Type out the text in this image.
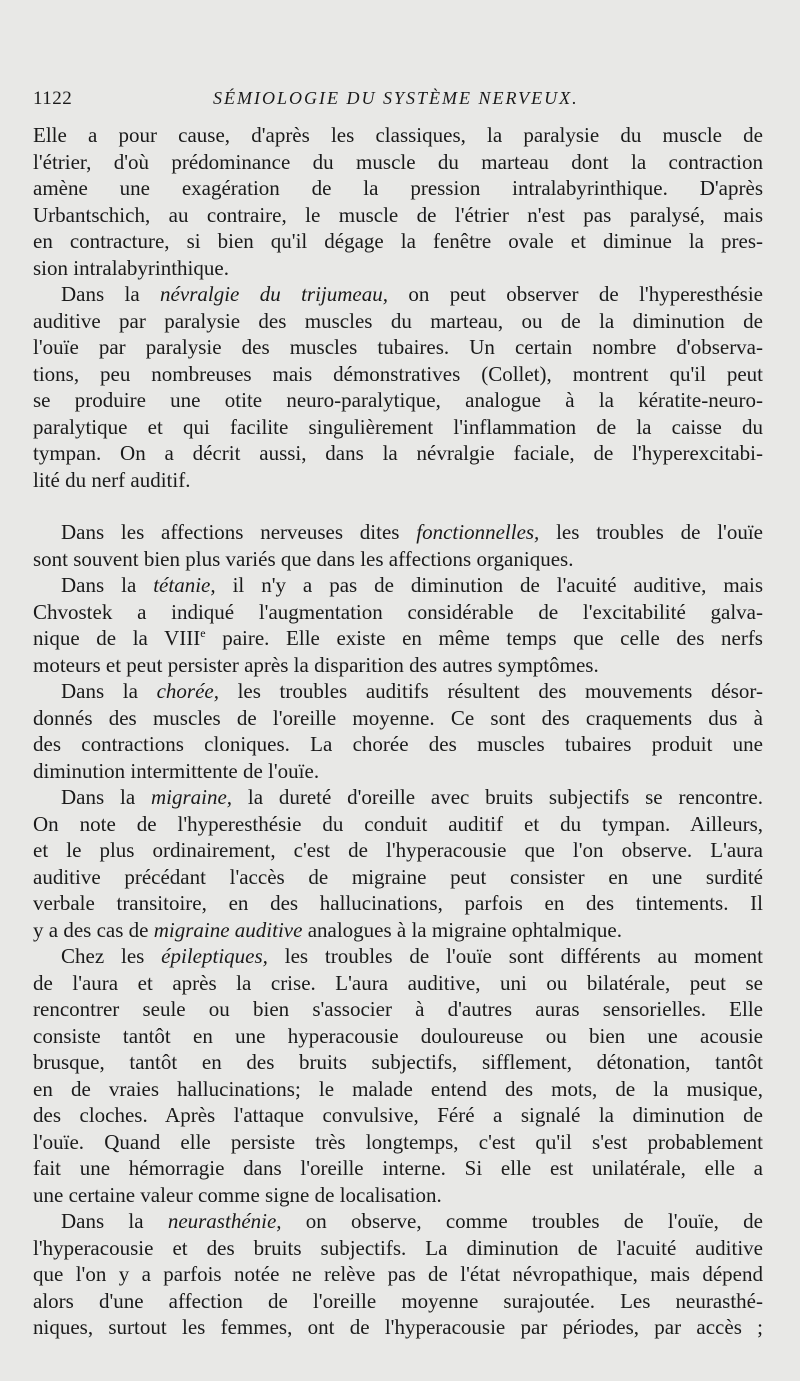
1122	SÉMIOLOGIE DU SYSTÈME NERVEUX.
Elle a pour cause, d'après les classiques, la paralysie du muscle de
l'étrier, d'où prédominance du muscle du marteau dont la contraction
amène une exagération de la pression intralabyrinthique. D'après
Urbantschich, au contraire, le muscle de l'étrier n'est pas paralysé, mais
en contracture, si bien qu'il dégage la fenêtre ovale et diminue la pres-
sion intralabyrinthique.
Dans la névralgie du trijumeau, on peut observer de l'hyperesthésie
auditive par paralysie des muscles du marteau, ou de la diminution de
l'ouïe par paralysie des muscles tubaires. Un certain nombre d'observa-
tions, peu nombreuses mais démonstratives (Collet), montrent qu'il peut
se produire une otite neuro-paralytique, analogue à la kératite-neuro-
paralytique et qui facilite singulièrement l'inflammation de la caisse du
tympan. On a décrit aussi, dans la névralgie faciale, de l'hyperexcitabi-
lité du nerf auditif.
Dans les affections nerveuses dites fonctionnelles, les troubles de l'ouïe
sont souvent bien plus variés que dans les affections organiques.
Dans la tétanie, il n'y a pas de diminution de l'acuité auditive, mais
Chvostek a indiqué l'augmentation considérable de l'excitabilité galva-
nique de la VIIIe paire. Elle existe en même temps que celle des nerfs
moteurs et peut persister après la disparition des autres symptômes.
Dans la chorée, les troubles auditifs résultent des mouvements désor-
donnés des muscles de l'oreille moyenne. Ce sont des craquements dus à
des contractions cloniques. La chorée des muscles tubaires produit une
diminution intermittente de l'ouïe.
Dans la migraine, la dureté d'oreille avec bruits subjectifs se rencontre.
On note de l'hyperesthésie du conduit auditif et du tympan. Ailleurs,
et le plus ordinairement, c'est de l'hyperacousie que l'on observe. L'aura
auditive précédant l'accès de migraine peut consister en une surdité
verbale transitoire, en des hallucinations, parfois en des tintements. Il
y a des cas de migraine auditive analogues à la migraine ophtalmique.
Chez les épileptiques, les troubles de l'ouïe sont différents au moment
de l'aura et après la crise. L'aura auditive, uni ou bilatérale, peut se
rencontrer seule ou bien s'associer à d'autres auras sensorielles. Elle
consiste tantôt en une hyperacousie douloureuse ou bien une acousie
brusque, tantôt en des bruits subjectifs, sifflement, détonation, tantôt
en de vraies hallucinations; le malade entend des mots, de la musique,
des cloches. Après l'attaque convulsive, Féré a signalé la diminution de
l'ouïe. Quand elle persiste très longtemps, c'est qu'il s'est probablement
fait une hémorragie dans l'oreille interne. Si elle est unilatérale, elle a
une certaine valeur comme signe de localisation.
Dans la neurasthénie, on observe, comme troubles de l'ouïe, de
l'hyperacousie et des bruits subjectifs. La diminution de l'acuité auditive
que l'on y a parfois notée ne relève pas de l'état névropathique, mais dépend
alors d'une affection de l'oreille moyenne surajoutée. Les neurasthé-
niques, surtout les femmes, ont de l'hyperacousie par périodes, par accès ;
